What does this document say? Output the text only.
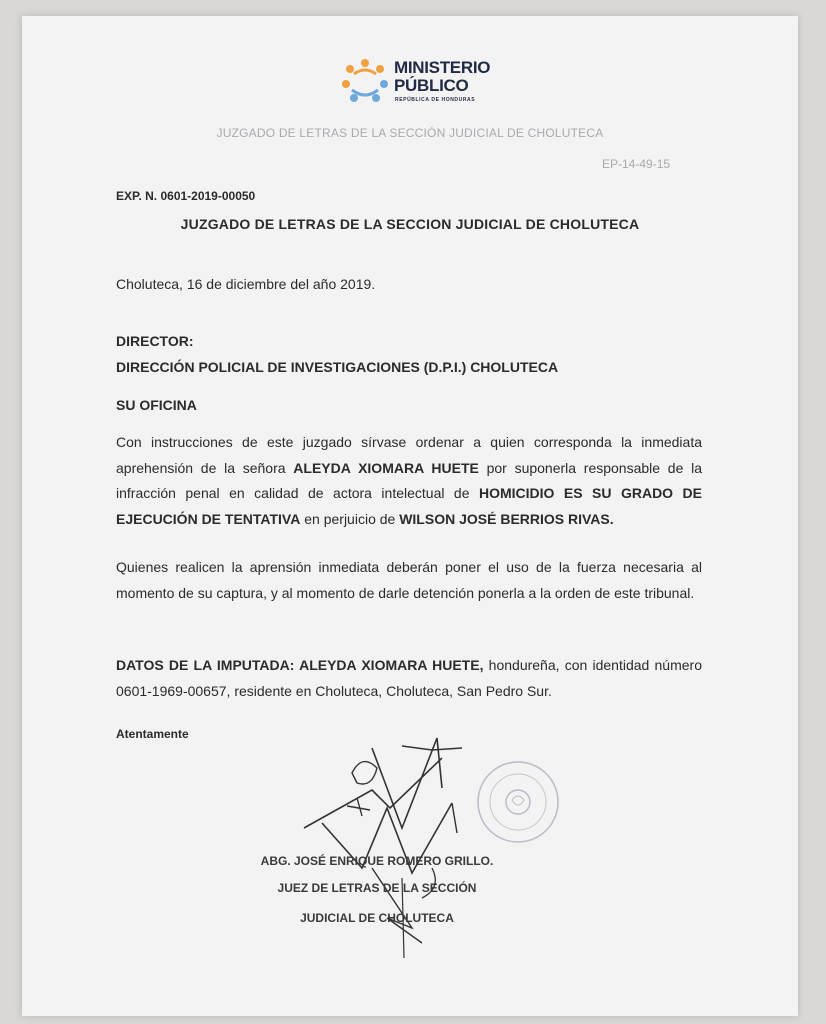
MINISTERIO
PÚBLICO
REPÚBLICA DE HONDURAS
JUZGADO DE LETRAS DE LA SECCIÓN JUDICIAL DE CHOLUTECA
EP-14-49-15
EXP. N. 0601-2019-00050
JUZGADO DE LETRAS DE LA SECCION JUDICIAL DE CHOLUTECA
Choluteca, 16 de diciembre del año 2019.
DIRECTOR:
DIRECCIÓN POLICIAL DE INVESTIGACIONES (D.P.I.) CHOLUTECA
SU OFICINA
Con instrucciones de este juzgado sírvase ordenar a quien corresponda la inmediata aprehensión de la señora ALEYDA XIOMARA HUETE por suponerla responsable de la infracción penal en calidad de actora intelectual de HOMICIDIO ES SU GRADO DE EJECUCIÓN DE TENTATIVA en perjuicio de WILSON JOSÉ BERRIOS RIVAS.
Quienes realicen la aprensión inmediata deberán poner el uso de la fuerza necesaria al momento de su captura, y al momento de darle detención ponerla a la orden de este tribunal.
DATOS DE LA IMPUTADA: ALEYDA XIOMARA HUETE, hondureña, con identidad número 0601-1969-00657, residente en Choluteca, Choluteca, San Pedro Sur.
Atentamente
ABG. JOSÉ ENRIQUE ROMERO GRILLO.
JUEZ DE LETRAS DE LA SECCIÓN
JUDICIAL DE CHOLUTECA
